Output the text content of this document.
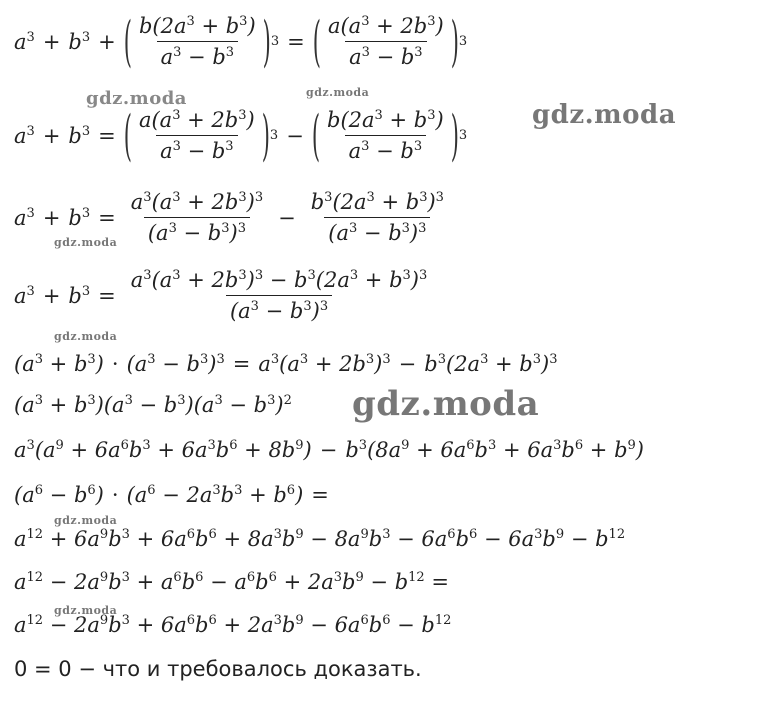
$a^3 + b^3$ + ( $\frac{b(2a^3 + b^3)}{a^3 - b^3}$ ) 3 = ( $\frac{a(a^3 + 2b^3)}{a^3 - b^3}$ ) 3
$a^3 + b^3$ = ( $\frac{a(a^3 + 2b^3)}{a^3 - b^3}$ ) 3 − ( $\frac{b(2a^3 + b^3)}{a^3 - b^3}$ ) 3
$a^3 + b^3 = \frac{a^3(a^3 + 2b^3)^3}{(a^3 - b^3)^3} - \frac{b^3(2a^3 + b^3)^3}{(a^3 - b^3)^3}$
$a^3 + b^3 = \frac{a^3(a^3 + 2b^3)^3 - b^3(2a^3 + b^3)^3}{(a^3 - b^3)^3}$
$(a^3 + b^3) \cdot (a^3 - b^3)^3 = a^3(a^3 + 2b^3)^3 - b^3(2a^3 + b^3)^3$
$(a^3 + b^3)(a^3 - b^3)(a^3 - b^3)^2$
$a^3(a^9 + 6a^6b^3 + 6a^3b^6 + 8b^9) - b^3(8a^9 + 6a^6b^3 + 6a^3b^6 + b^9)$
$(a^6 - b^6) \cdot (a^6 - 2a^3b^3 + b^6)$ =
$a^{12} + 6a^9b^3 + 6a^6b^6 + 8a^3b^9 - 8a^9b^3 - 6a^6b^6 - 6a^3b^9 - b^{12}$
$a^{12} - 2a^9b^3 + a^6b^6 - a^6b^6 + 2a^3b^9 - b^{12}$ =
$a^{12} - 2a^9b^3 + 6a^6b^6 + 2a^3b^9 - 6a^6b^6 - b^{12}$
0 = 0 − что и требовалось доказать.
gdz.moda	gdz.moda
gdz.moda
gdz.moda
gdz.moda
gdz.moda
gdz.moda
gdz.moda
